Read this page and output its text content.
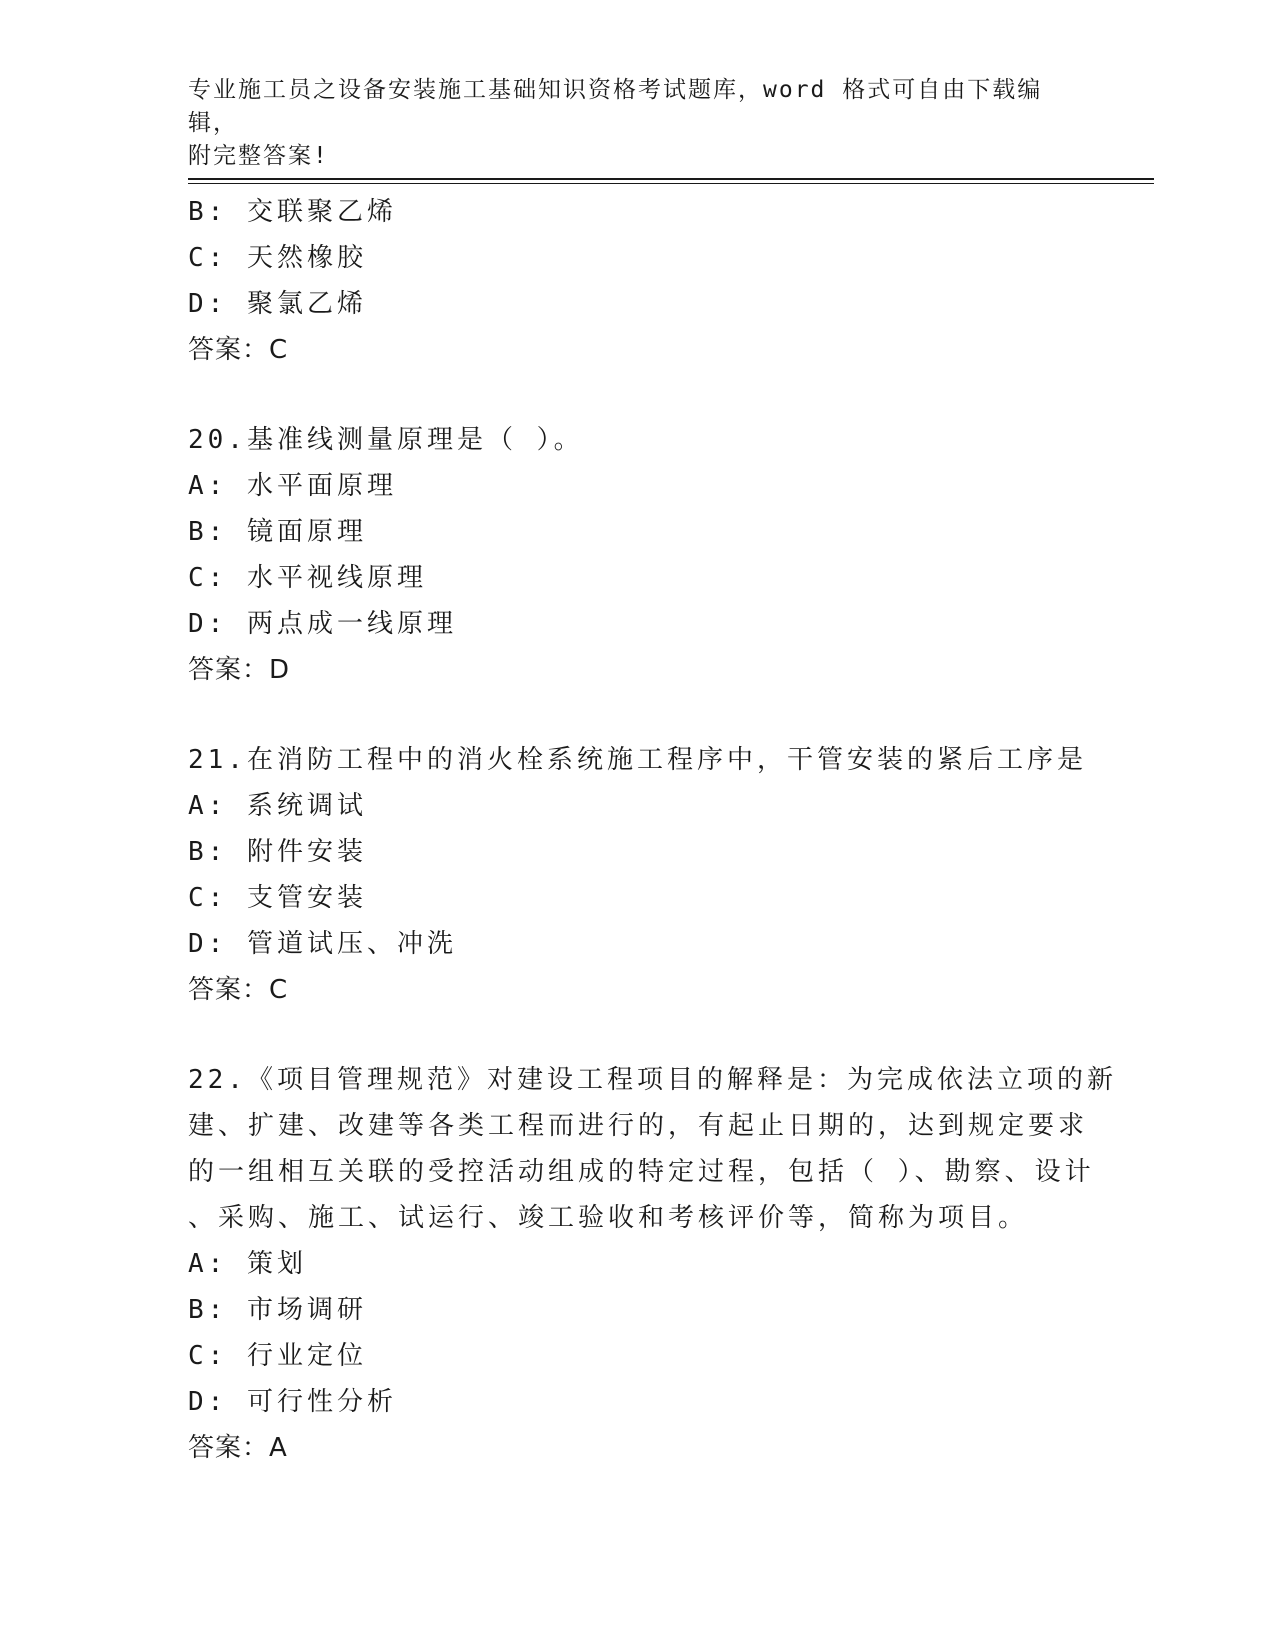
专业施工员之设备安装施工基础知识资格考试题库，word 格式可自由下载编辑，
附完整答案!
B: 交联聚乙烯
C: 天然橡胶
D: 聚氯乙烯
答案：C
20.基准线测量原理是（ ）。
A: 水平面原理
B: 镜面原理
C: 水平视线原理
D: 两点成一线原理
答案：D
21.在消防工程中的消火栓系统施工程序中，干管安装的紧后工序是
A: 系统调试
B: 附件安装
C: 支管安装
D: 管道试压、冲洗
答案：C
22.《项目管理规范》对建设工程项目的解释是：为完成依法立项的新
建、扩建、改建等各类工程而进行的，有起止日期的，达到规定要求
的一组相互关联的受控活动组成的特定过程，包括（ ）、勘察、设计
、采购、施工、试运行、竣工验收和考核评价等，简称为项目。
A: 策划
B: 市场调研
C: 行业定位
D: 可行性分析
答案：A
